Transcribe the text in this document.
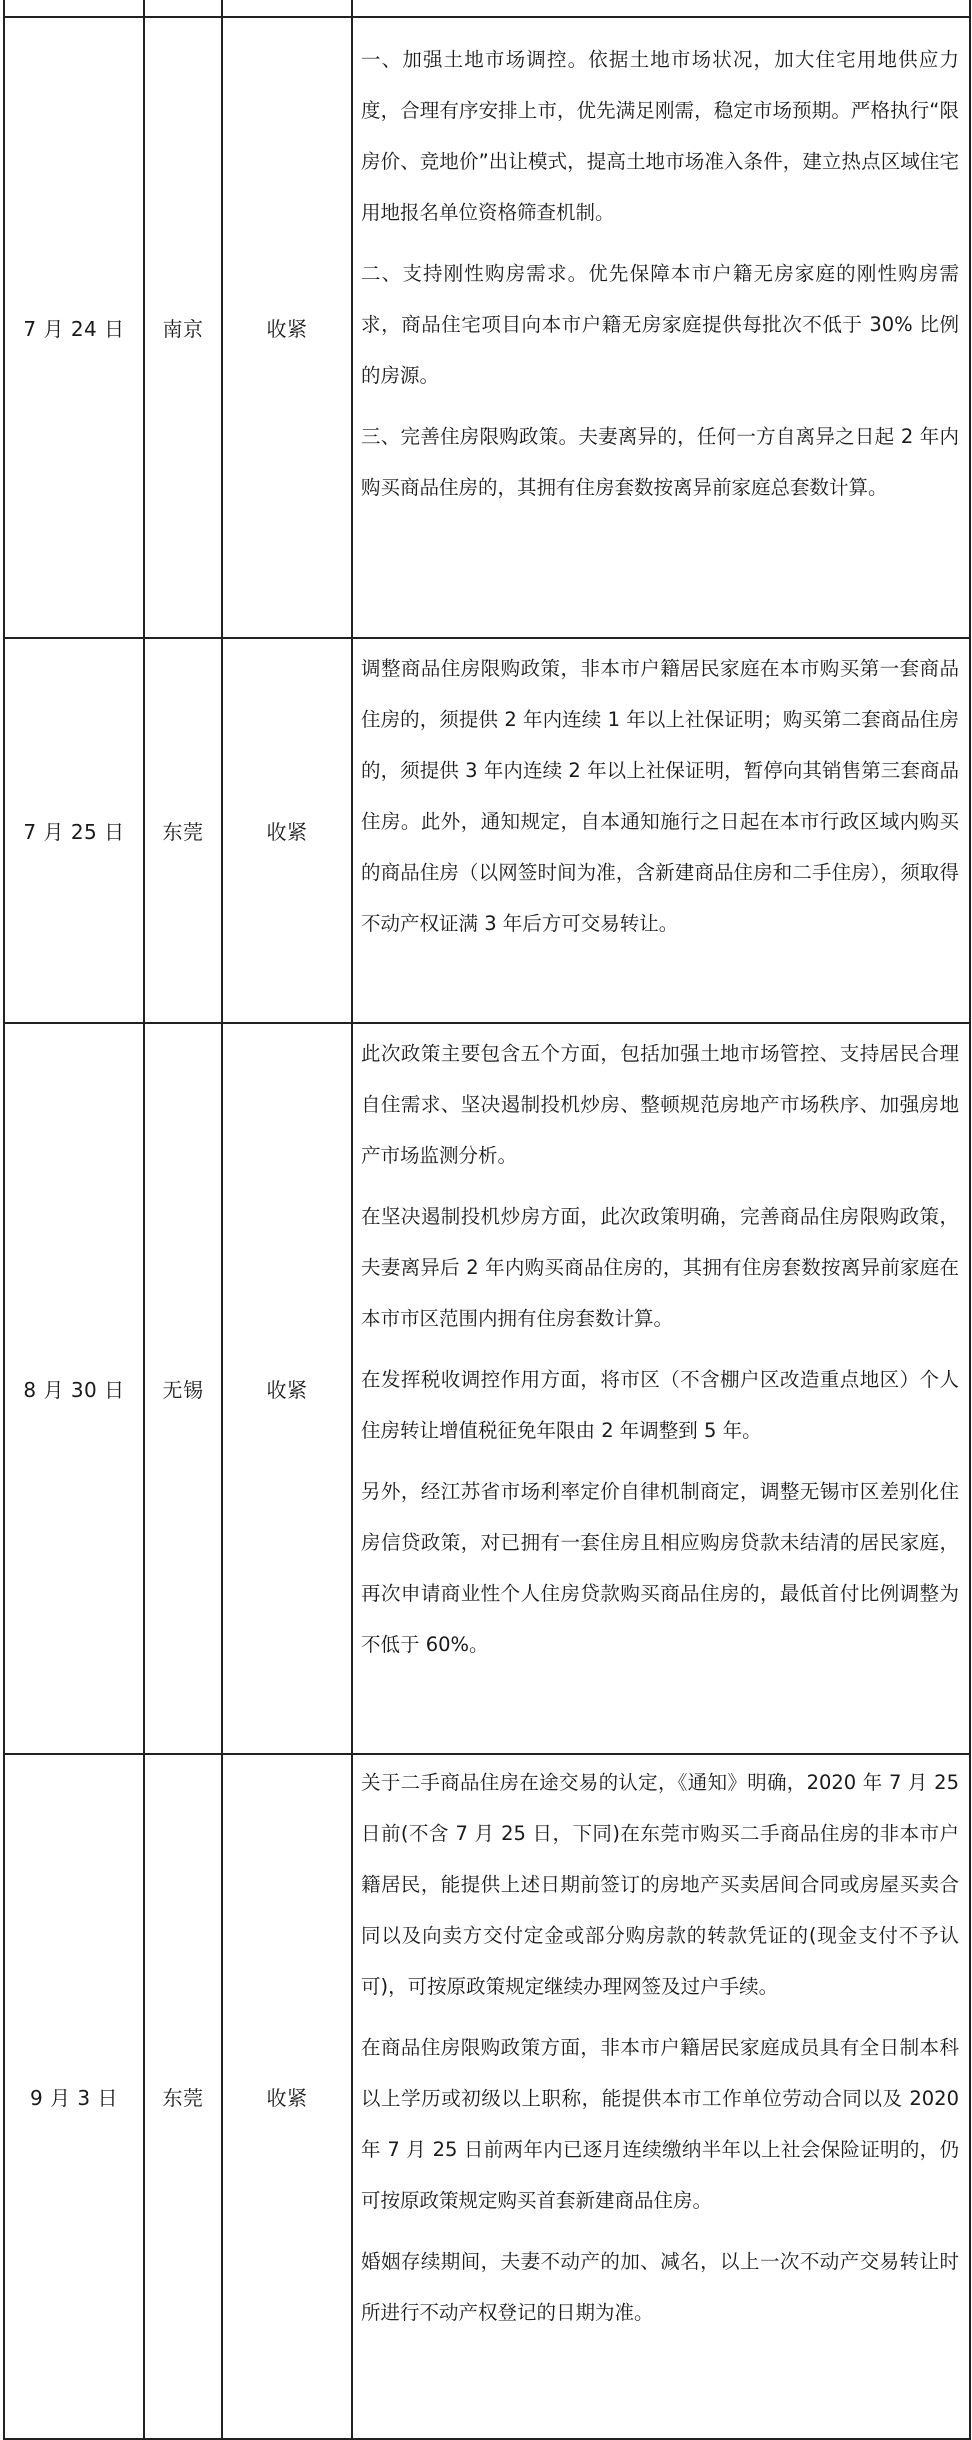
7 月 24 日	南京	收紧	一、加强土地市场调控。依据土地市场状况，加大住宅用地供应力度，合理有序安排上市，优先满足刚需，稳定市场预期。严格执行“限房价、竞地价”出让模式，提高土地市场准入条件，建立热点区域住宅用地报名单位资格筛查机制。

二、支持刚性购房需求。优先保障本市户籍无房家庭的刚性购房需求，商品住宅项目向本市户籍无房家庭提供每批次不低于 30% 比例的房源。

三、完善住房限购政策。夫妻离异的，任何一方自离异之日起 2 年内购买商品住房的，其拥有住房套数按离异前家庭总套数计算。

7 月 25 日	东莞	收紧	调整商品住房限购政策，非本市户籍居民家庭在本市购买第一套商品住房的，须提供 2 年内连续 1 年以上社保证明；购买第二套商品住房的，须提供 3 年内连续 2 年以上社保证明，暂停向其销售第三套商品住房。此外，通知规定，自本通知施行之日起在本市行政区域内购买的商品住房（以网签时间为准，含新建商品住房和二手住房），须取得不动产权证满 3 年后方可交易转让。

8 月 30 日	无锡	收紧	此次政策主要包含五个方面，包括加强土地市场管控、支持居民合理自住需求、坚决遏制投机炒房、整顿规范房地产市场秩序、加强房地产市场监测分析。

在坚决遏制投机炒房方面，此次政策明确，完善商品住房限购政策，夫妻离异后 2 年内购买商品住房的，其拥有住房套数按离异前家庭在本市市区范围内拥有住房套数计算。

在发挥税收调控作用方面，将市区（不含棚户区改造重点地区）个人住房转让增值税征免年限由 2 年调整到 5 年。

另外，经江苏省市场利率定价自律机制商定，调整无锡市区差别化住房信贷政策，对已拥有一套住房且相应购房贷款未结清的居民家庭，再次申请商业性个人住房贷款购买商品住房的，最低首付比例调整为不低于 60%。

9 月 3 日	东莞	收紧	关于二手商品住房在途交易的认定，《通知》明确，2020 年 7 月 25 日前(不含 7 月 25 日，下同)在东莞市购买二手商品住房的非本市户籍居民，能提供上述日期前签订的房地产买卖居间合同或房屋买卖合同以及向卖方交付定金或部分购房款的转款凭证的(现金支付不予认可)，可按原政策规定继续办理网签及过户手续。

在商品住房限购政策方面，非本市户籍居民家庭成员具有全日制本科以上学历或初级以上职称，能提供本市工作单位劳动合同以及 2020 年 7 月 25 日前两年内已逐月连续缴纳半年以上社会保险证明的，仍可按原政策规定购买首套新建商品住房。

婚姻存续期间，夫妻不动产的加、减名，以上一次不动产交易转让时所进行不动产权登记的日期为准。
